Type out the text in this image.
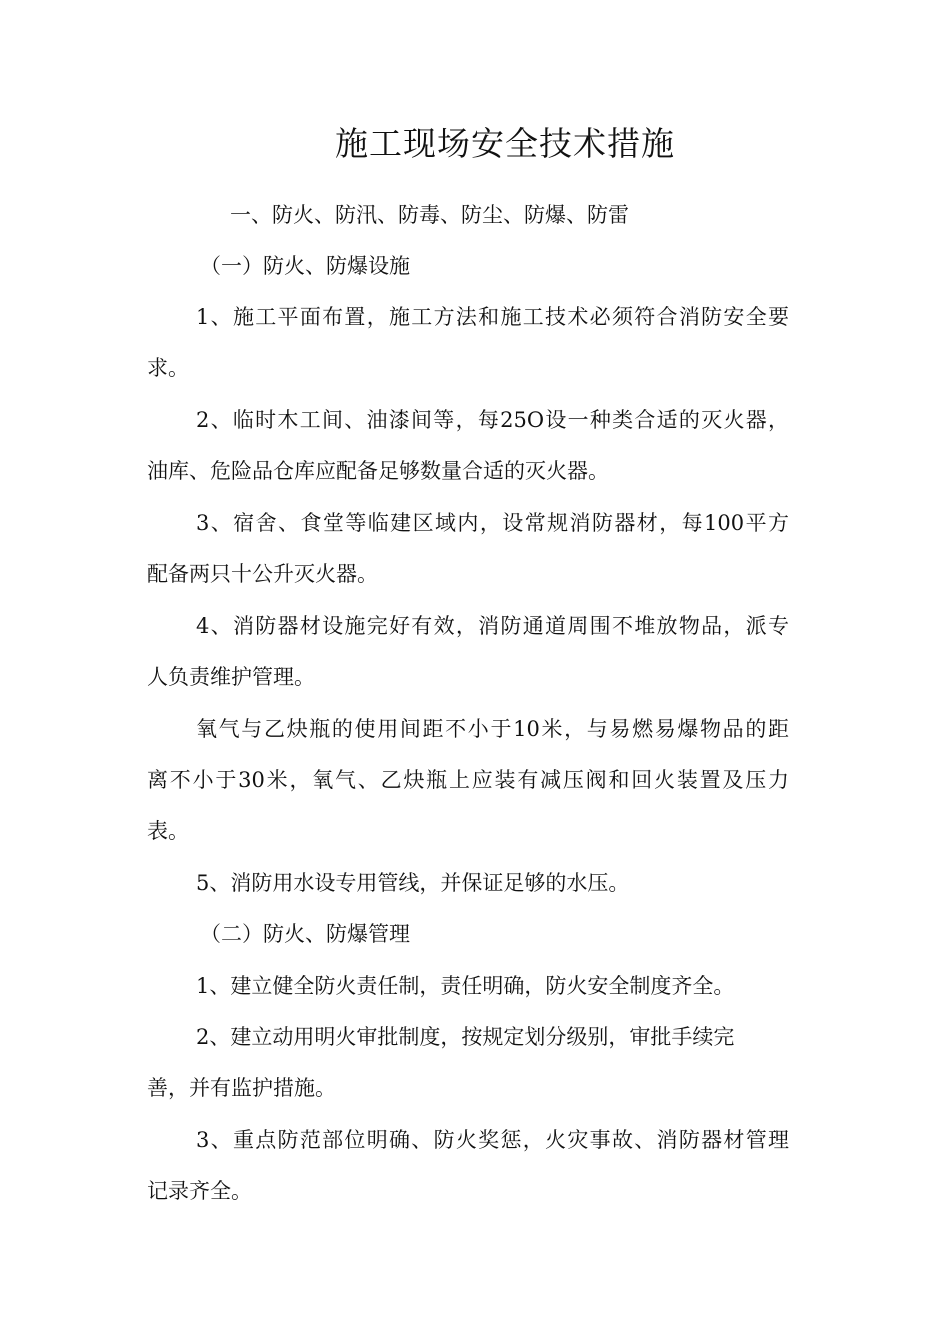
施工现场安全技术措施
一、防火、防汛、防毒、防尘、防爆、防雷
（一）防火、防爆设施
1、施工平面布置，施工方法和施工技术必须符合消防安全要
求。
2、临时木工间、油漆间等，每25O设一种类合适的灭火器，
油库、危险品仓库应配备足够数量合适的灭火器。
3、宿舍、食堂等临建区域内，设常规消防器材，每100平方
配备两只十公升灭火器。
4、消防器材设施完好有效，消防通道周围不堆放物品，派专
人负责维护管理。
氧气与乙炔瓶的使用间距不小于10米，与易燃易爆物品的距
离不小于30米，氧气、乙炔瓶上应装有减压阀和回火装置及压力
表。
5、消防用水设专用管线，并保证足够的水压。
（二）防火、防爆管理
1、建立健全防火责任制，责任明确，防火安全制度齐全。
2、建立动用明火审批制度，按规定划分级别，审批手续完
善，并有监护措施。
3、重点防范部位明确、防火奖惩，火灾事故、消防器材管理
记录齐全。
